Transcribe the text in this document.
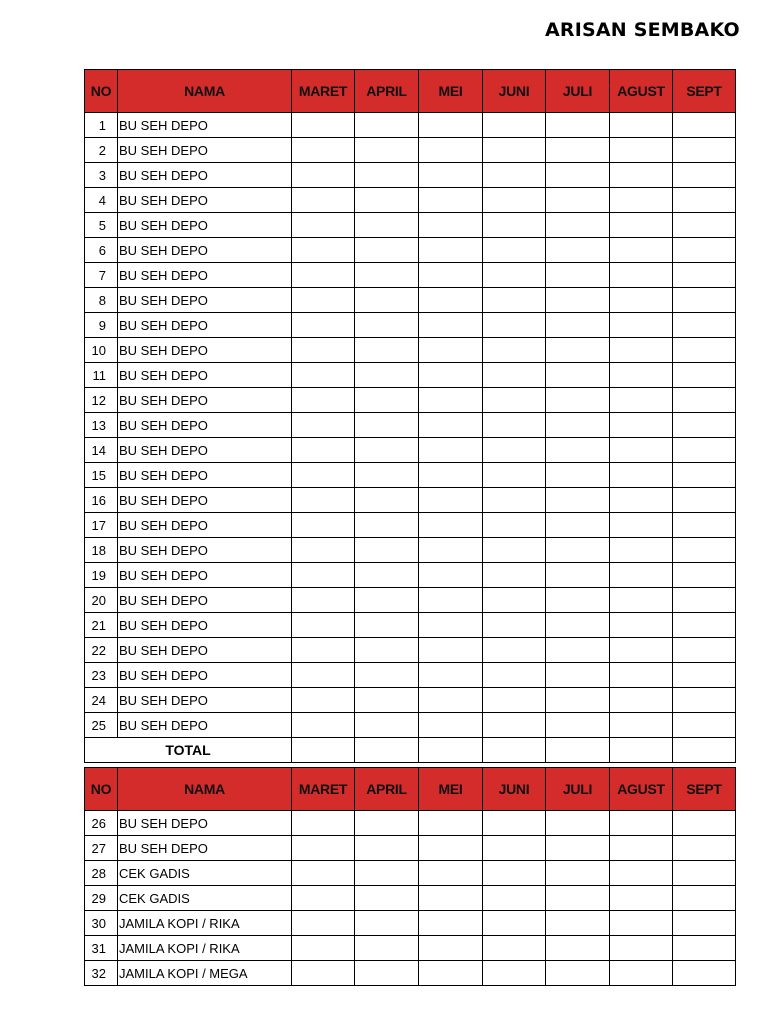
ARISAN SEMBAKO
NO	NAMA	MARET	APRIL	MEI	JUNI	JULI	AGUST	SEPT
1	BU SEH DEPO							
2	BU SEH DEPO							
3	BU SEH DEPO							
4	BU SEH DEPO							
5	BU SEH DEPO							
6	BU SEH DEPO							
7	BU SEH DEPO							
8	BU SEH DEPO							
9	BU SEH DEPO							
10	BU SEH DEPO							
11	BU SEH DEPO							
12	BU SEH DEPO							
13	BU SEH DEPO							
14	BU SEH DEPO							
15	BU SEH DEPO							
16	BU SEH DEPO							
17	BU SEH DEPO							
18	BU SEH DEPO							
19	BU SEH DEPO							
20	BU SEH DEPO							
21	BU SEH DEPO							
22	BU SEH DEPO							
23	BU SEH DEPO							
24	BU SEH DEPO							
25	BU SEH DEPO							
TOTAL								
NO	NAMA	MARET	APRIL	MEI	JUNI	JULI	AGUST	SEPT
26	BU SEH DEPO							
27	BU SEH DEPO							
28	CEK GADIS							
29	CEK GADIS							
30	JAMILA KOPI / RIKA							
31	JAMILA KOPI / RIKA							
32	JAMILA KOPI / MEGA							
